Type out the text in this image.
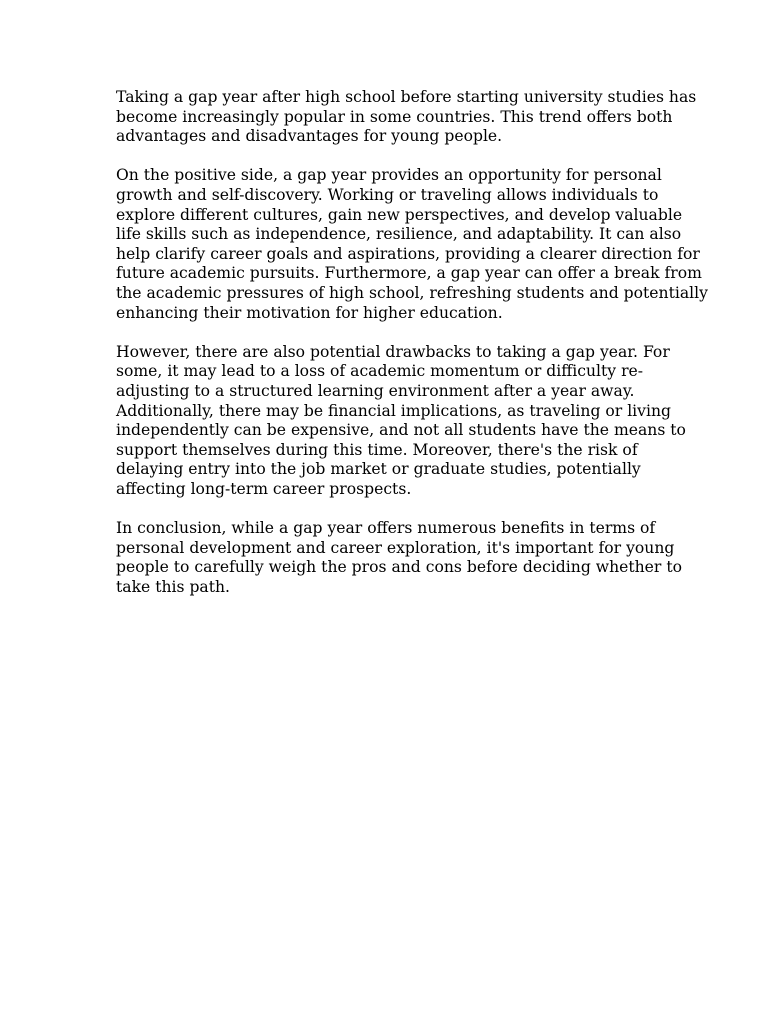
Taking a gap year after high school before starting university studies has
become increasingly popular in some countries. This trend offers both
advantages and disadvantages for young people.

On the positive side, a gap year provides an opportunity for personal
growth and self-discovery. Working or traveling allows individuals to
explore different cultures, gain new perspectives, and develop valuable
life skills such as independence, resilience, and adaptability. It can also
help clarify career goals and aspirations, providing a clearer direction for
future academic pursuits. Furthermore, a gap year can offer a break from
the academic pressures of high school, refreshing students and potentially
enhancing their motivation for higher education.

However, there are also potential drawbacks to taking a gap year. For
some, it may lead to a loss of academic momentum or difficulty re-
adjusting to a structured learning environment after a year away.
Additionally, there may be financial implications, as traveling or living
independently can be expensive, and not all students have the means to
support themselves during this time. Moreover, there's the risk of
delaying entry into the job market or graduate studies, potentially
affecting long-term career prospects.

In conclusion, while a gap year offers numerous benefits in terms of
personal development and career exploration, it's important for young
people to carefully weigh the pros and cons before deciding whether to
take this path.
